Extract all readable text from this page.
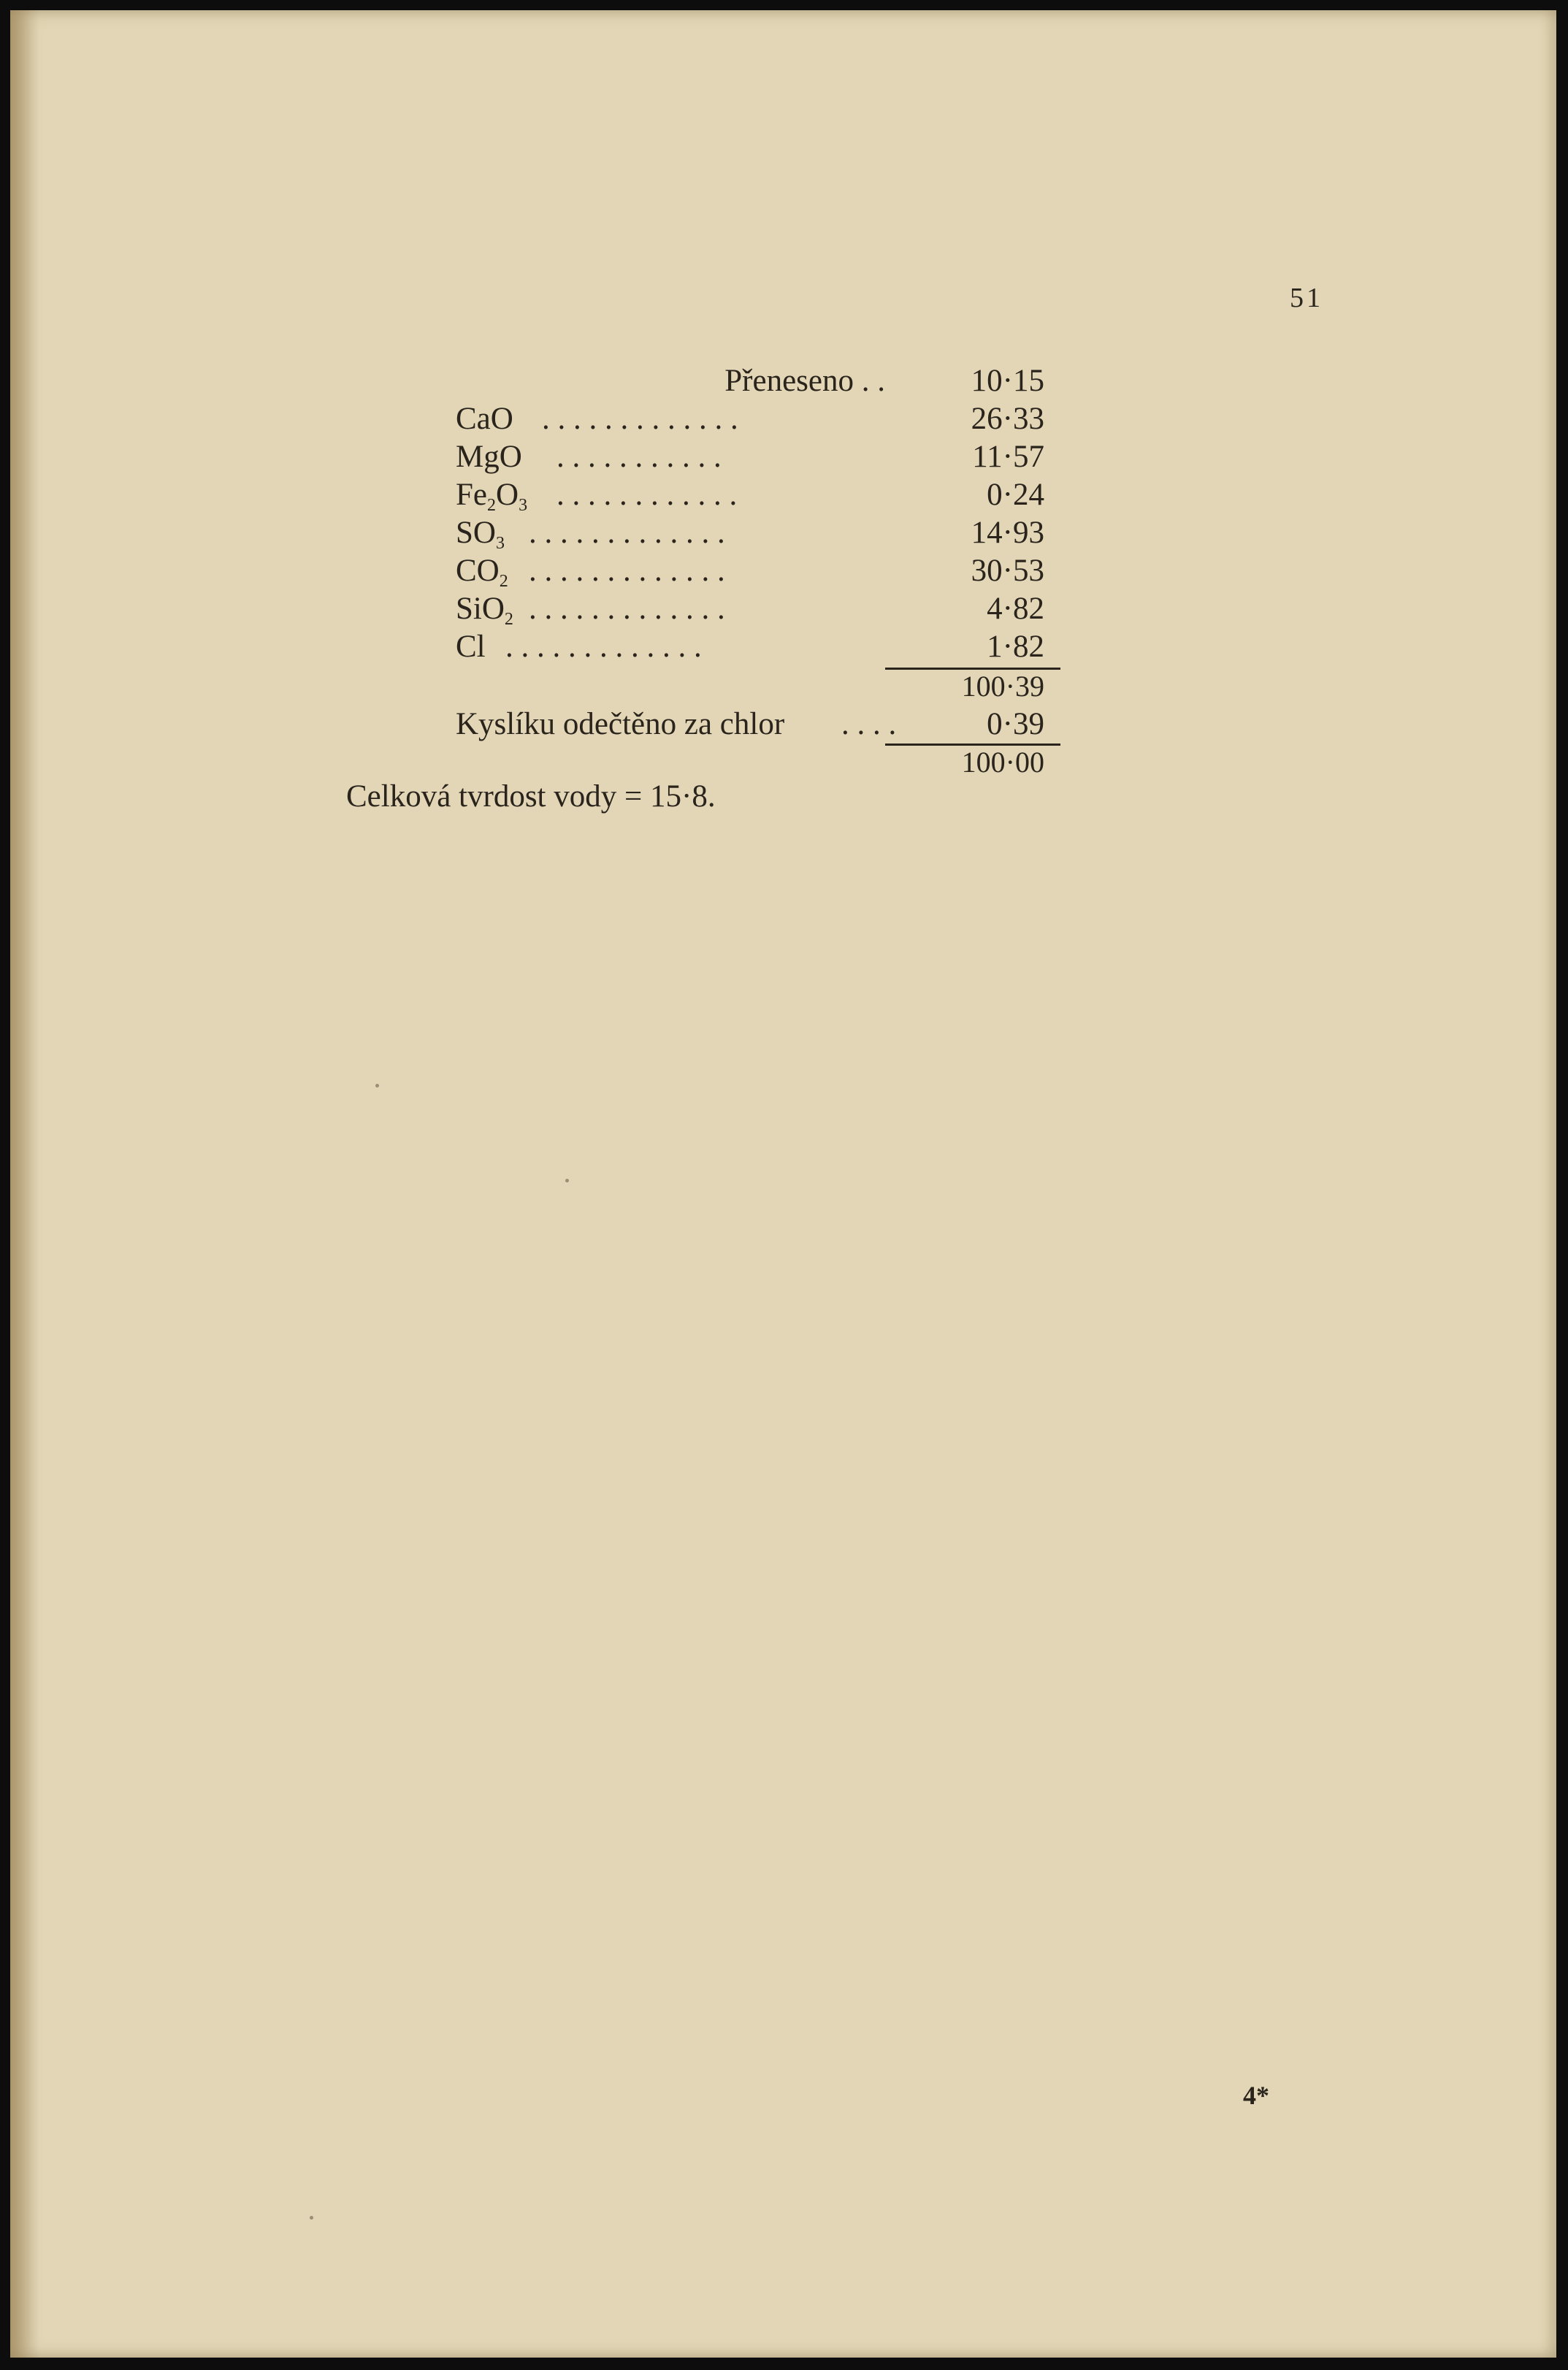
51
Přeneseno . .	10·15
CaO . . . . . . . . . . . . .	26·33
MgO . . . . . . . . . . .	11·57
$Fe_2O_3$ . . . . . . . . . . . .	0·24
$SO_3$ . . . . . . . . . . . . .	14·93
$CO_2$ . . . . . . . . . . . . .	30·53
SiO$_2$ . . . . . . . . . . . . .	4·82
Cl . . . . . . . . . . . . .	1·82
100·39
Kyslíku odečtěno za chlor . . . .	0·39
100·00
Celková tvrdost vody = 15·8.
4*
